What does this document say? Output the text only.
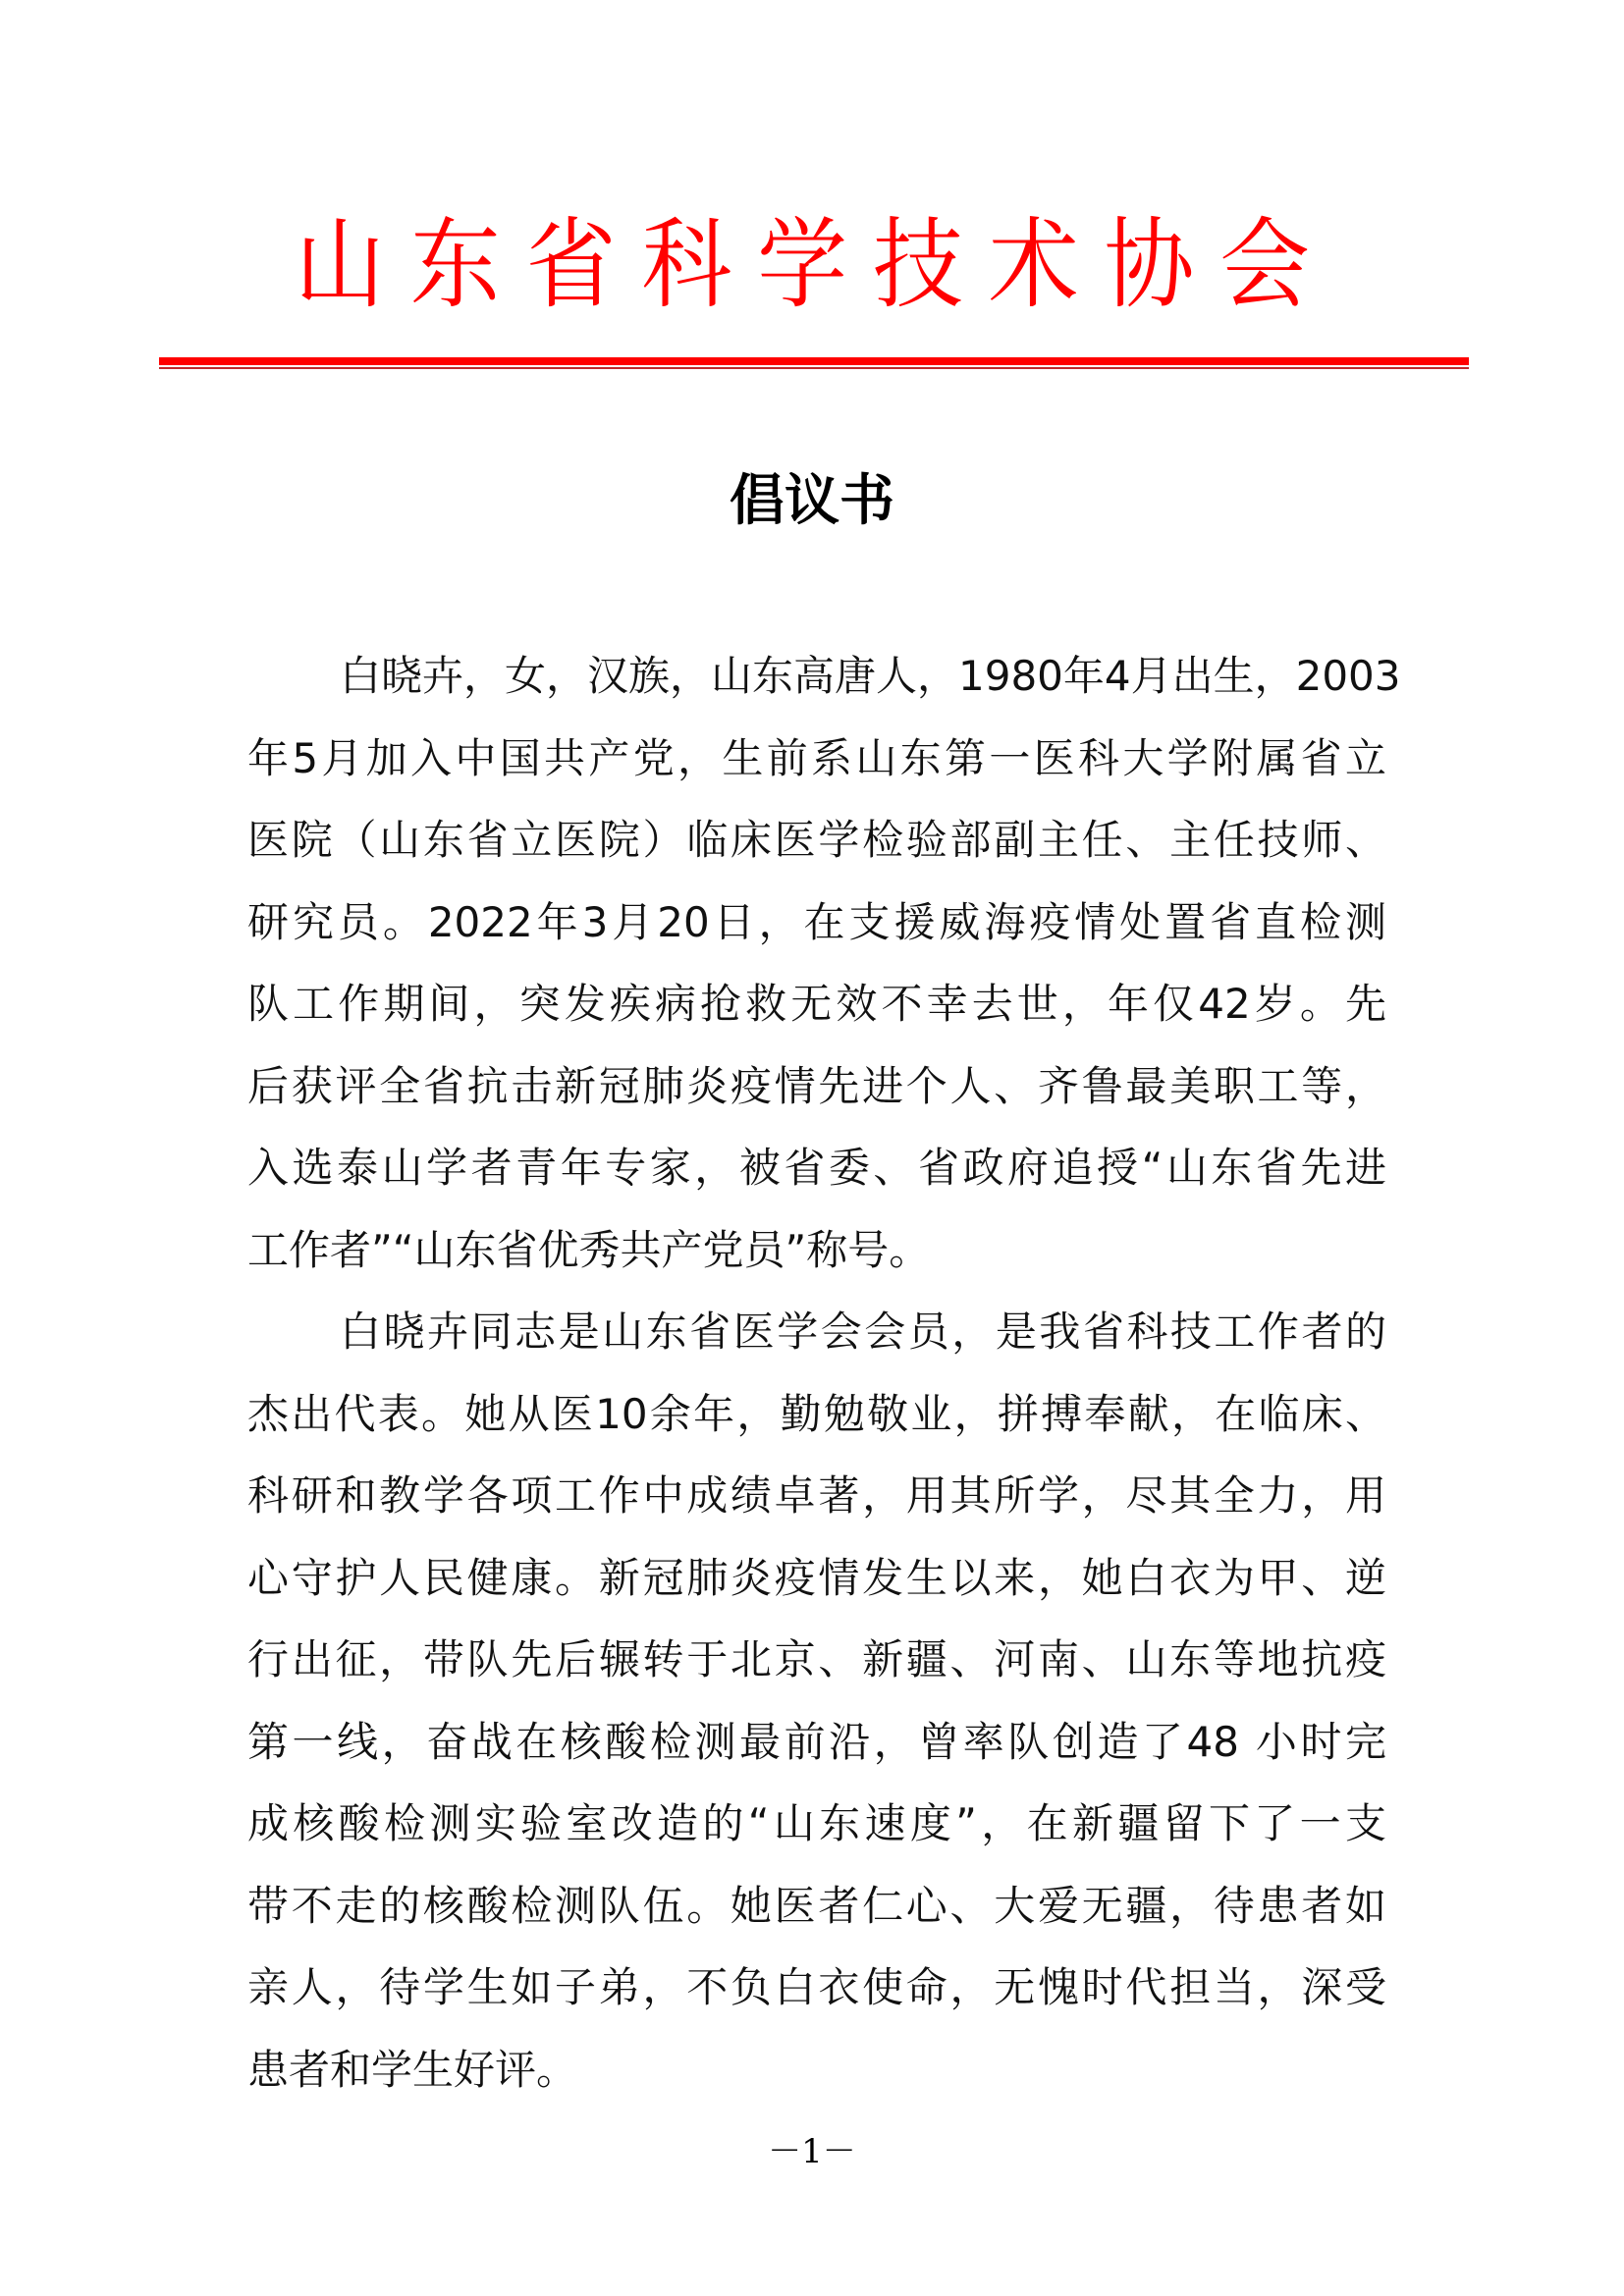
山东省科学技术协会
倡议书
白晓卉，女，汉族，山东高唐人，1980年4月出生，2003
年5月加入中国共产党，生前系山东第一医科大学附属省立
医院（山东省立医院）临床医学检验部副主任、主任技师、
研究员。2022年3月20日，在支援威海疫情处置省直检测
队工作期间，突发疾病抢救无效不幸去世，年仅42岁。先
后获评全省抗击新冠肺炎疫情先进个人、齐鲁最美职工等，
入选泰山学者青年专家，被省委、省政府追授“山东省先进
工作者”“山东省优秀共产党员”称号。
白晓卉同志是山东省医学会会员，是我省科技工作者的
杰出代表。她从医10余年，勤勉敬业，拼搏奉献，在临床、
科研和教学各项工作中成绩卓著，用其所学，尽其全力，用
心守护人民健康。新冠肺炎疫情发生以来，她白衣为甲、逆
行出征，带队先后辗转于北京、新疆、河南、山东等地抗疫
第一线，奋战在核酸检测最前沿，曾率队创造了48 小时完
成核酸检测实验室改造的“山东速度”，在新疆留下了一支
带不走的核酸检测队伍。她医者仁心、大爱无疆，待患者如
亲人，待学生如子弟，不负白衣使命，无愧时代担当，深受
患者和学生好评。
－1－
